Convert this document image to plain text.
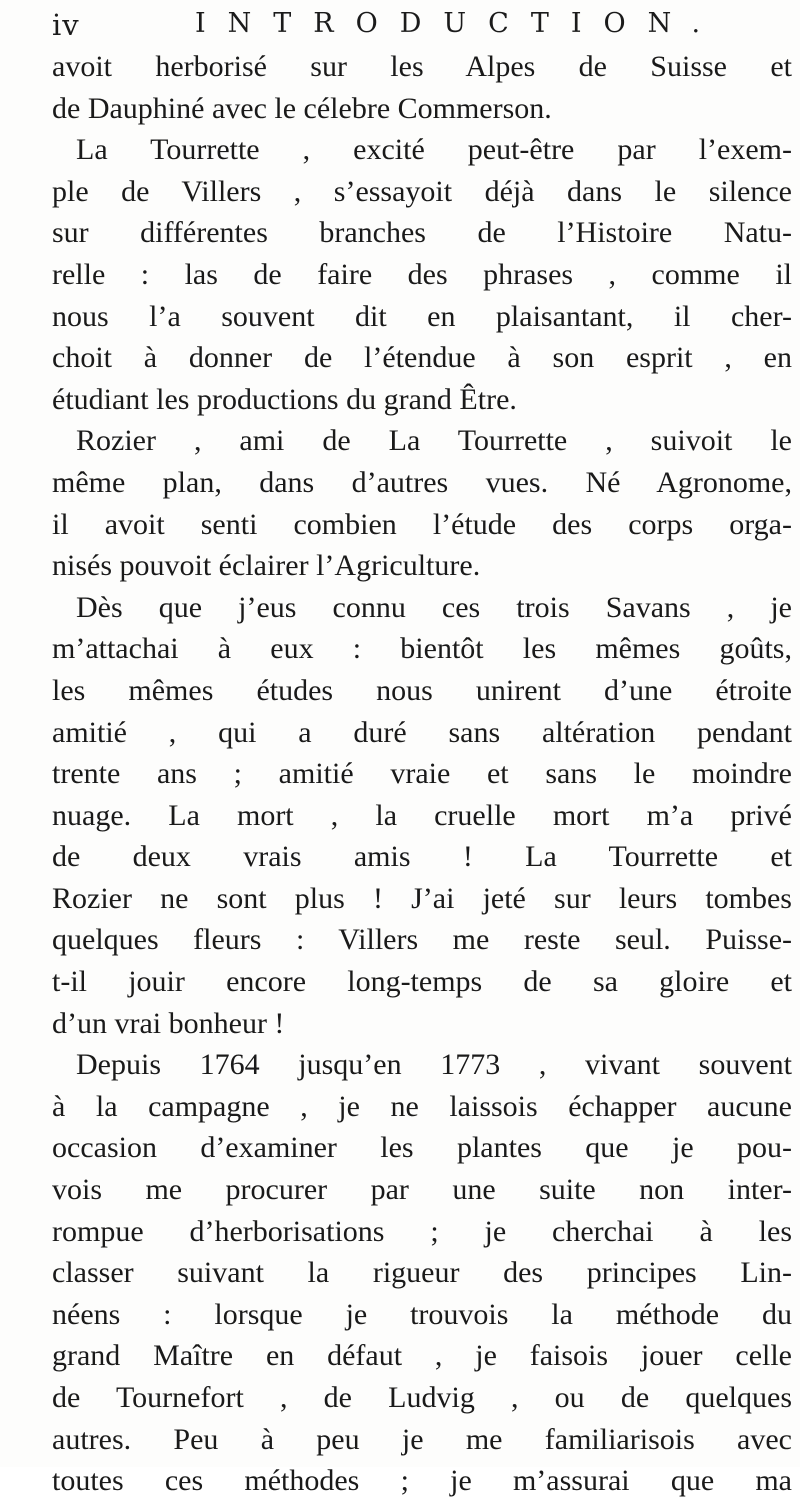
iv	INTRODUCTION.
avoit herborisé sur les Alpes de Suisse et
de Dauphiné avec le célebre Commerson.
La Tourrette , excité peut-être par l’exem-
ple de Villers , s’essayoit déjà dans le silence
sur différentes branches de l’Histoire Natu-
relle : las de faire des phrases , comme il
nous l’a souvent dit en plaisantant, il cher-
choit à donner de l’étendue à son esprit , en
étudiant les productions du grand Être.
Rozier , ami de La Tourrette , suivoit le
même plan, dans d’autres vues. Né Agronome,
il avoit senti combien l’étude des corps orga-
nisés pouvoit éclairer l’Agriculture.
Dès que j’eus connu ces trois Savans , je
m’attachai à eux : bientôt les mêmes goûts,
les mêmes études nous unirent d’une étroite
amitié , qui a duré sans altération pendant
trente ans ; amitié vraie et sans le moindre
nuage. La mort , la cruelle mort m’a privé
de deux vrais amis ! La Tourrette et
Rozier ne sont plus ! J’ai jeté sur leurs tombes
quelques fleurs : Villers me reste seul. Puisse-
t-il jouir encore long-temps de sa gloire et
d’un vrai bonheur !
Depuis 1764 jusqu’en 1773 , vivant souvent
à la campagne , je ne laissois échapper aucune
occasion d’examiner les plantes que je pou-
vois me procurer par une suite non inter-
rompue d’herborisations ; je cherchai à les
classer suivant la rigueur des principes Lin-
néens : lorsque je trouvois la méthode du
grand Maître en défaut , je faisois jouer celle
de Tournefort , de Ludvig , ou de quelques
autres. Peu à peu je me familiarisois avec
toutes ces méthodes ; je m’assurai que ma
